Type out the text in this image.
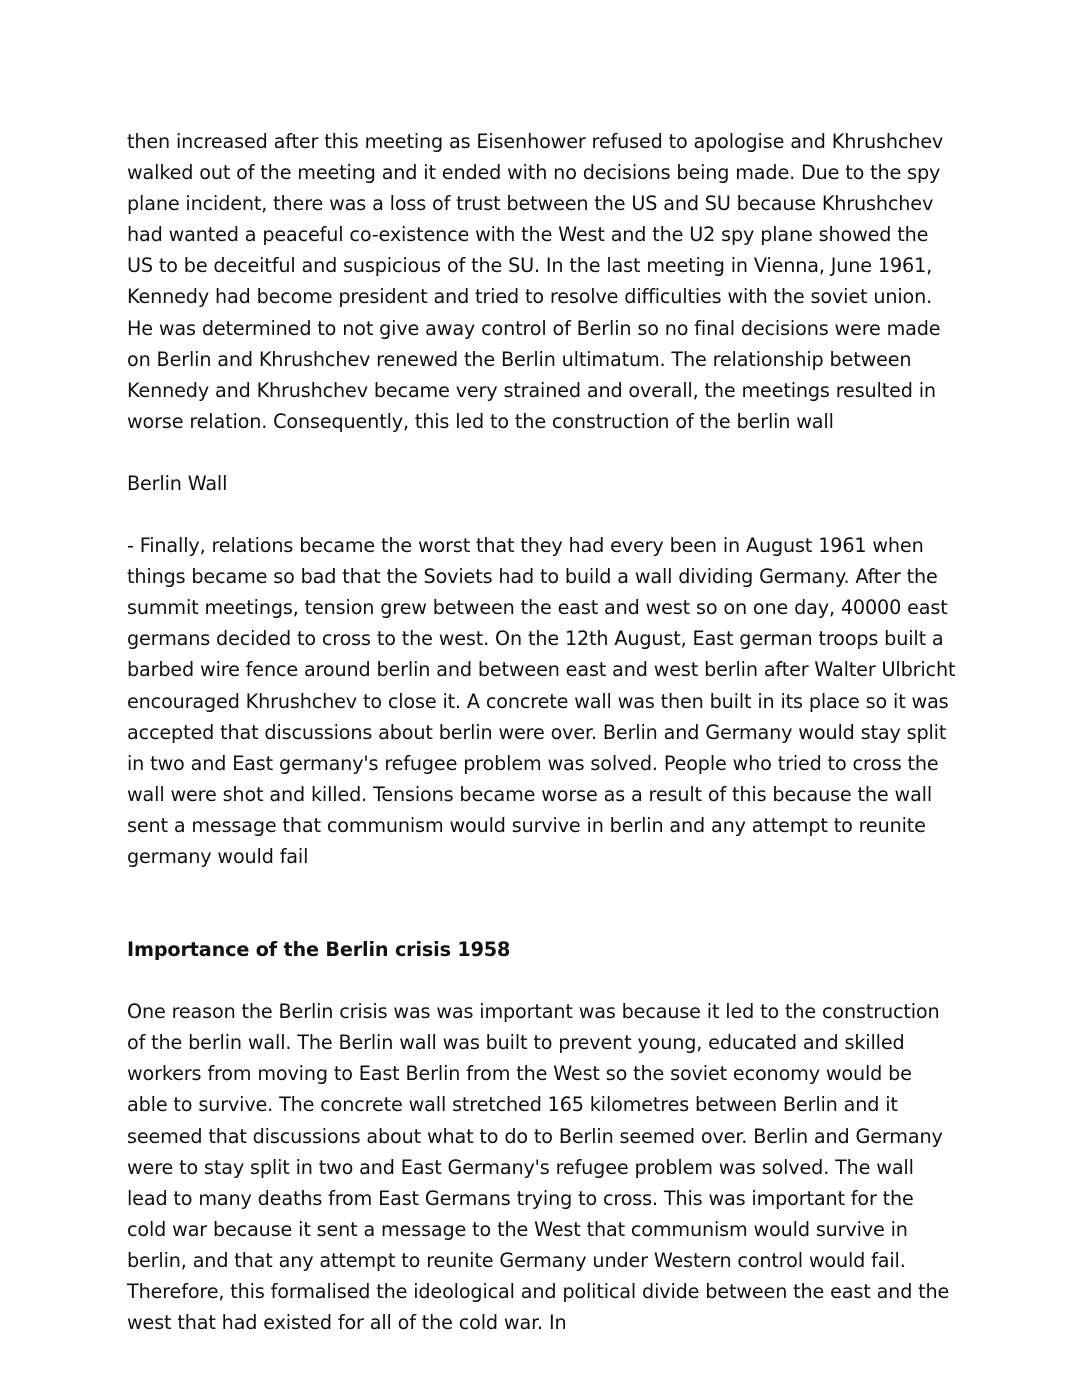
then increased after this meeting as Eisenhower refused to apologise and Khrushchev walked out of the meeting and it ended with no decisions being made. Due to the spy plane incident, there was a loss of trust between the US and SU because Khrushchev had wanted a peaceful co-existence with the West and the U2 spy plane showed the US to be deceitful and suspicious of the SU. In the last meeting in Vienna, June 1961, Kennedy had become president and tried to resolve difficulties with the soviet union. He was determined to not give away control of Berlin so no final decisions were made on Berlin and Khrushchev renewed the Berlin ultimatum. The relationship between Kennedy and Khrushchev became very strained and overall, the meetings resulted in worse relation. Consequently, this led to the construction of the berlin wall

Berlin Wall

- Finally, relations became the worst that they had every been in August 1961 when things became so bad that the Soviets had to build a wall dividing Germany. After the summit meetings, tension grew between the east and west so on one day, 40000 east germans decided to cross to the west. On the 12th August, East german troops built a barbed wire fence around berlin and between east and west berlin after Walter Ulbricht encouraged Khrushchev to close it. A concrete wall was then built in its place so it was accepted that discussions about berlin were over. Berlin and Germany would stay split in two and East germany's refugee problem was solved. People who tried to cross the wall were shot and killed. Tensions became worse as a result of this because the wall sent a message that communism would survive in berlin and any attempt to reunite germany would fail

Importance of the Berlin crisis 1958

One reason the Berlin crisis was was important was because it led to the construction of the berlin wall. The Berlin wall was built to prevent young, educated and skilled workers from moving to East Berlin from the West so the soviet economy would be able to survive. The concrete wall stretched 165 kilometres between Berlin and it seemed that discussions about what to do to Berlin seemed over. Berlin and Germany were to stay split in two and East Germany's refugee problem was solved. The wall lead to many deaths from East Germans trying to cross. This was important for the cold war because it sent a message to the West that communism would survive in berlin, and that any attempt to reunite Germany under Western control would fail. Therefore, this formalised the ideological and political divide between the east and the west that had existed for all of the cold war. In
